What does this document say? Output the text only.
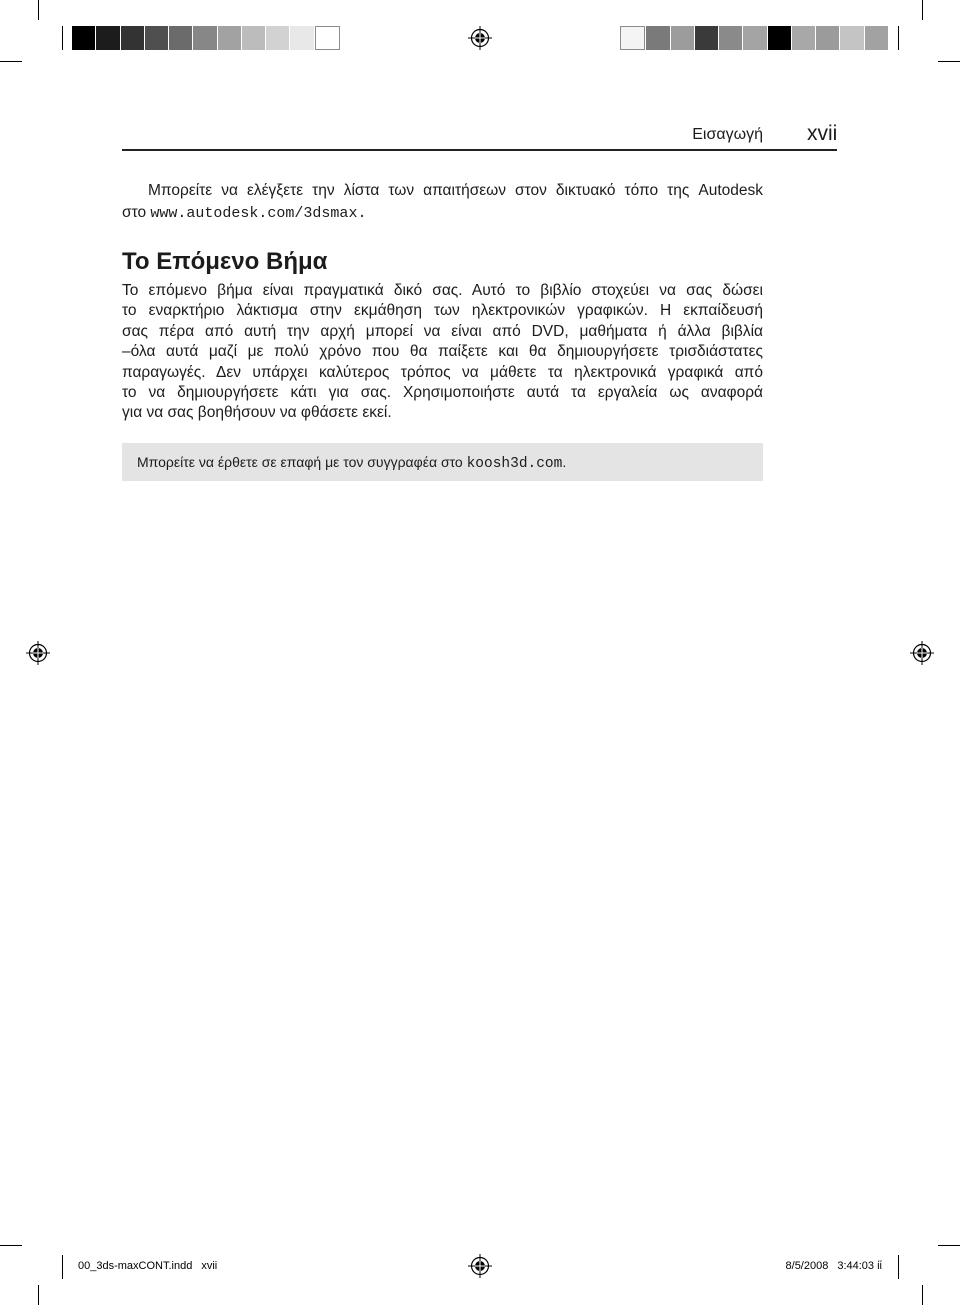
Εισαγωγή xvii
Μπορείτε να ελέγξετε την λίστα των απαιτήσεων στον δικτυακό τόπο της Autodesk
στο www.autodesk.com/3dsmax.
Το Επόμενο Βήμα
Το επόμενο βήμα είναι πραγματικά δικό σας. Αυτό το βιβλίο στοχεύει να σας δώσει
το εναρκτήριο λάκτισμα στην εκμάθηση των ηλεκτρονικών γραφικών. Η εκπαίδευσή
σας πέρα από αυτή την αρχή μπορεί να είναι από DVD, μαθήματα ή άλλα βιβλία
–όλα αυτά μαζί με πολύ χρόνο που θα παίξετε και θα δημιουργήσετε τρισδιάστατες
παραγωγές. Δεν υπάρχει καλύτερος τρόπος να μάθετε τα ηλεκτρονικά γραφικά από
το να δημιουργήσετε κάτι για σας. Χρησιμοποιήστε αυτά τα εργαλεία ως αναφορά
για να σας βοηθήσουν να φθάσετε εκεί.
Μπορείτε να έρθετε σε επαφή με τον συγγραφέα στο koosh3d.com.
00_3ds-maxCONT.indd xvii	8/5/2008 3:44:03 ίί
